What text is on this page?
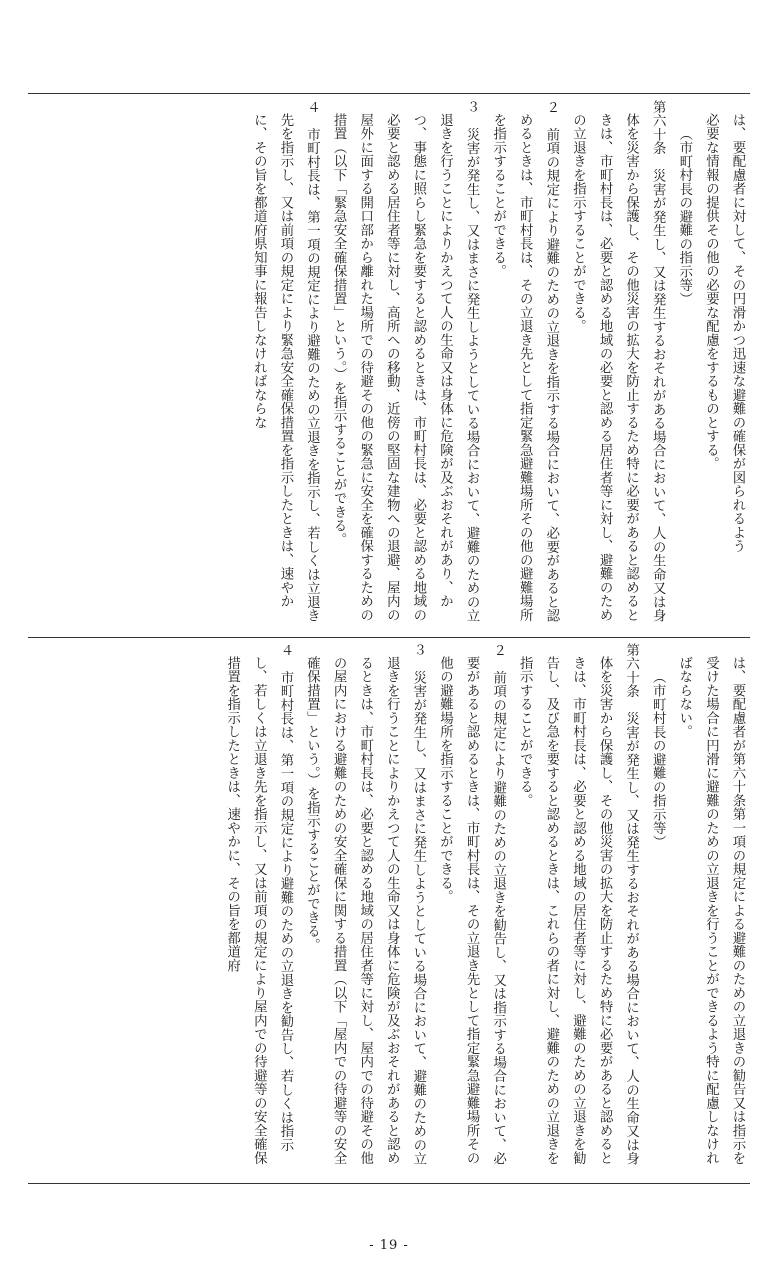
は、要配慮者に対して、その円滑かつ迅速な避難の確保が図られるよう
必要な情報の提供その他の必要な配慮をするものとする。
（市町村長の避難の指示等）
第六十条　災害が発生し、又は発生するおそれがある場合において、人の生命又は身体を災害から保護し、その他災害の拡大を防止するため特に必要があると認めるときは、市町村長は、必要と認める地域の必要と認める居住者等に対し、避難のための立退きを指示することができる。
２　前項の規定により避難のための立退きを指示する場合において、必要があると認めるときは、市町村長は、その立退き先として指定緊急避難場所その他の避難場所を指示することができる。
３　災害が発生し、又はまさに発生しようとしている場合において、避難のための立退きを行うことによりかえつて人の生命又は身体に危険が及ぶおそれがあり、かつ、事態に照らし緊急を要すると認めるときは、市町村長は、必要と認める地域の必要と認める居住者等に対し、高所への移動、近傍の堅固な建物への退避、屋内の屋外に面する開口部から離れた場所での待避その他の緊急に安全を確保するための措置（以下「緊急安全確保措置」という。）を指示することができる。
４　市町村長は、第一項の規定により避難のための立退きを指示し、若しくは立退き先を指示し、又は前項の規定により緊急安全確保措置を指示したときは、速やかに、その旨を都道府県知事に報告しなければならな
は、要配慮者が第六十条第一項の規定による避難のための立退きの勧告又は指示を受けた場合に円滑に避難のための立退きを行うことができるよう特に配慮しなければならない。
（市町村長の避難の指示等）
第六十条　災害が発生し、又は発生するおそれがある場合において、人の生命又は身体を災害から保護し、その他災害の拡大を防止するため特に必要があると認めるときは、市町村長は、必要と認める地域の居住者等に対し、避難のための立退きを勧告し、及び急を要すると認めるときは、これらの者に対し、避難のための立退きを指示することができる。
２　前項の規定により避難のための立退きを勧告し、又は指示する場合において、必要があると認めるときは、市町村長は、その立退き先として指定緊急避難場所その他の避難場所を指示することができる。
３　災害が発生し、又はまさに発生しようとしている場合において、避難のための立退きを行うことによりかえつて人の生命又は身体に危険が及ぶおそれがあると認めるときは、市町村長は、必要と認める地域の居住者等に対し、屋内での待避その他の屋内における避難のための安全確保に関する措置（以下「屋内での待避等の安全確保措置」という。）を指示することができる。
４　市町村長は、第一項の規定により避難のための立退きを勧告し、若しくは指示し、若しくは立退き先を指示し、又は前項の規定により屋内での待避等の安全確保措置を指示したときは、速やかに、その旨を都道府
- 19 -
